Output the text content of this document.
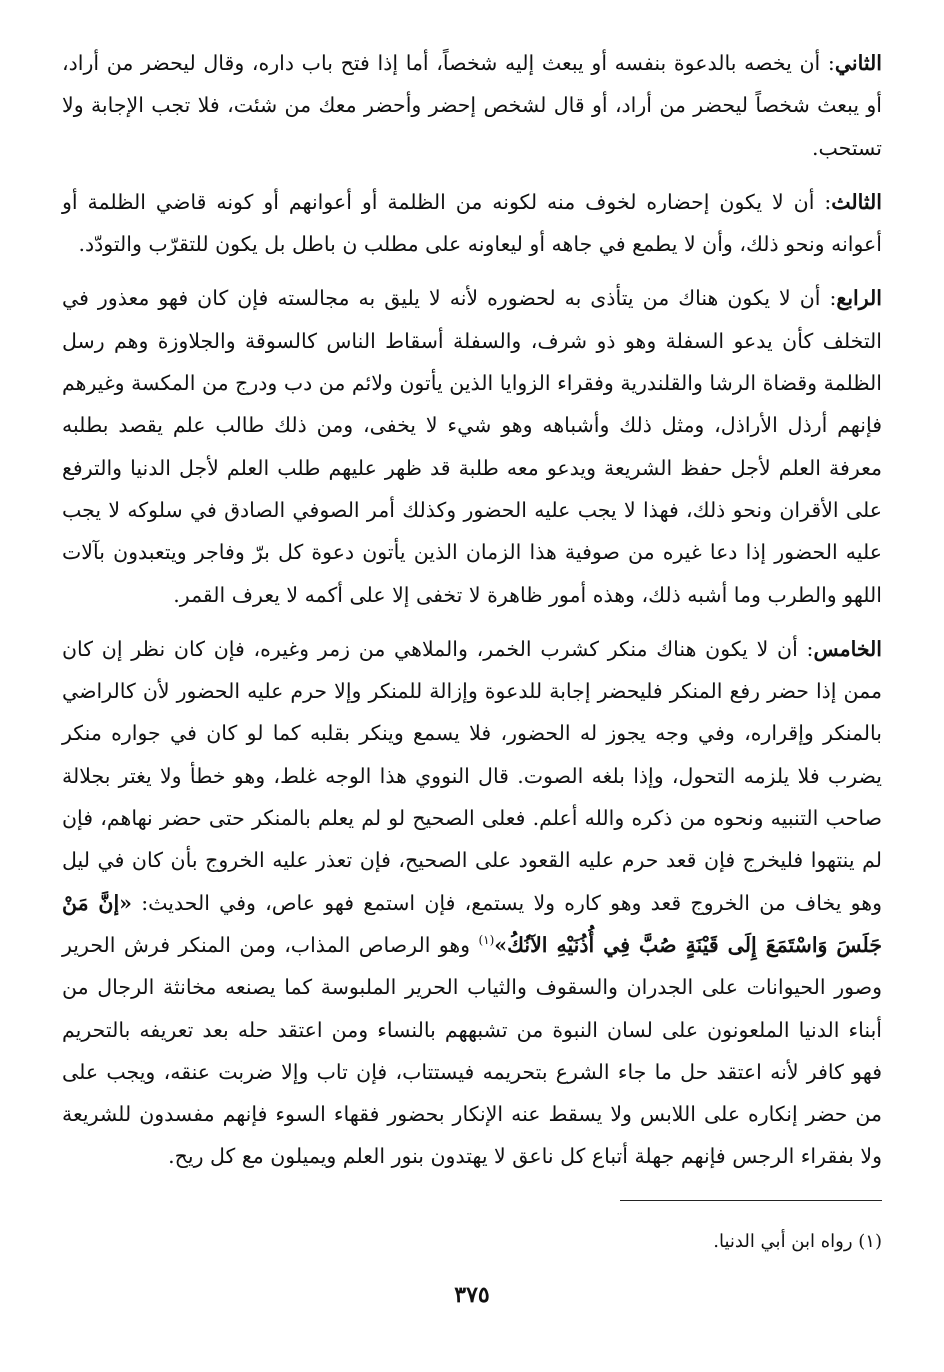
الثاني: أن يخصه بالدعوة بنفسه أو يبعث إليه شخصاً، أما إذا فتح باب داره، وقال ليحضر من أراد، أو يبعث شخصاً ليحضر من أراد، أو قال لشخص إحضر وأحضر معك من شئت، فلا تجب الإجابة ولا تستحب.

الثالث: أن لا يكون إحضاره لخوف منه لكونه من الظلمة أو أعوانهم أو كونه قاضي الظلمة أو أعوانه ونحو ذلك، وأن لا يطمع في جاهه أو ليعاونه على مطلب ن باطل بل يكون للتقرّب والتودّد.

الرابع: أن لا يكون هناك من يتأذى به لحضوره لأنه لا يليق به مجالسته فإن كان فهو معذور في التخلف كأن يدعو السفلة وهو ذو شرف، والسفلة أسقاط الناس كالسوقة والجلاوزة وهم رسل الظلمة وقضاة الرشا والقلندرية وفقراء الزوايا الذين يأتون ولائم من دب ودرج من المكسة وغيرهم فإنهم أرذل الأراذل، ومثل ذلك وأشباهه وهو شيء لا يخفى، ومن ذلك طالب علم يقصد بطلبه معرفة العلم لأجل حفظ الشريعة ويدعو معه طلبة قد ظهر عليهم طلب العلم لأجل الدنيا والترفع على الأقران ونحو ذلك، فهذا لا يجب عليه الحضور وكذلك أمر الصوفي الصادق في سلوكه لا يجب عليه الحضور إذا دعا غيره من صوفية هذا الزمان الذين يأتون دعوة كل برّ وفاجر ويتعبدون بآلات اللهو والطرب وما أشبه ذلك، وهذه أمور ظاهرة لا تخفى إلا على أكمه لا يعرف القمر.

الخامس: أن لا يكون هناك منكر كشرب الخمر، والملاهي من زمر وغيره، فإن كان نظر إن كان ممن إذا حضر رفع المنكر فليحضر إجابة للدعوة وإزالة للمنكر وإلا حرم عليه الحضور لأن كالراضي بالمنكر وإقراره، وفي وجه يجوز له الحضور، فلا يسمع وينكر بقلبه كما لو كان في جواره منكر يضرب فلا يلزمه التحول، وإذا بلغه الصوت. قال النووي هذا الوجه غلط، وهو خطأ ولا يغتر بجلالة صاحب التنبيه ونحوه من ذكره والله أعلم. فعلى الصحيح لو لم يعلم بالمنكر حتى حضر نهاهم، فإن لم ينتهوا فليخرج فإن قعد حرم عليه القعود على الصحيح، فإن تعذر عليه الخروج بأن كان في ليل وهو يخاف من الخروج قعد وهو كاره ولا يستمع، فإن استمع فهو عاص، وفي الحديث: «إنَّ مَنْ جَلَسَ وَاسْتَمَعَ إِلَى قَيْنَةٍ صُبَّ فِي أُذُنَيْهِ الآنُكُ»$^{(١)}$ وهو الرصاص المذاب، ومن المنكر فرش الحرير وصور الحيوانات على الجدران والسقوف والثياب الحرير الملبوسة كما يصنعه مخانثة الرجال من أبناء الدنيا الملعونون على لسان النبوة من تشبههم بالنساء ومن اعتقد حله بعد تعريفه بالتحريم فهو كافر لأنه اعتقد حل ما جاء الشرع بتحريمه فيستتاب، فإن تاب وإلا ضربت عنقه، ويجب على من حضر إنكاره على اللابس ولا يسقط عنه الإنكار بحضور فقهاء السوء فإنهم مفسدون للشريعة ولا بفقراء الرجس فإنهم جهلة أتباع كل ناعق لا يهتدون بنور العلم ويميلون مع كل ريح.

(١) رواه ابن أبي الدنيا.
٣٧٥
